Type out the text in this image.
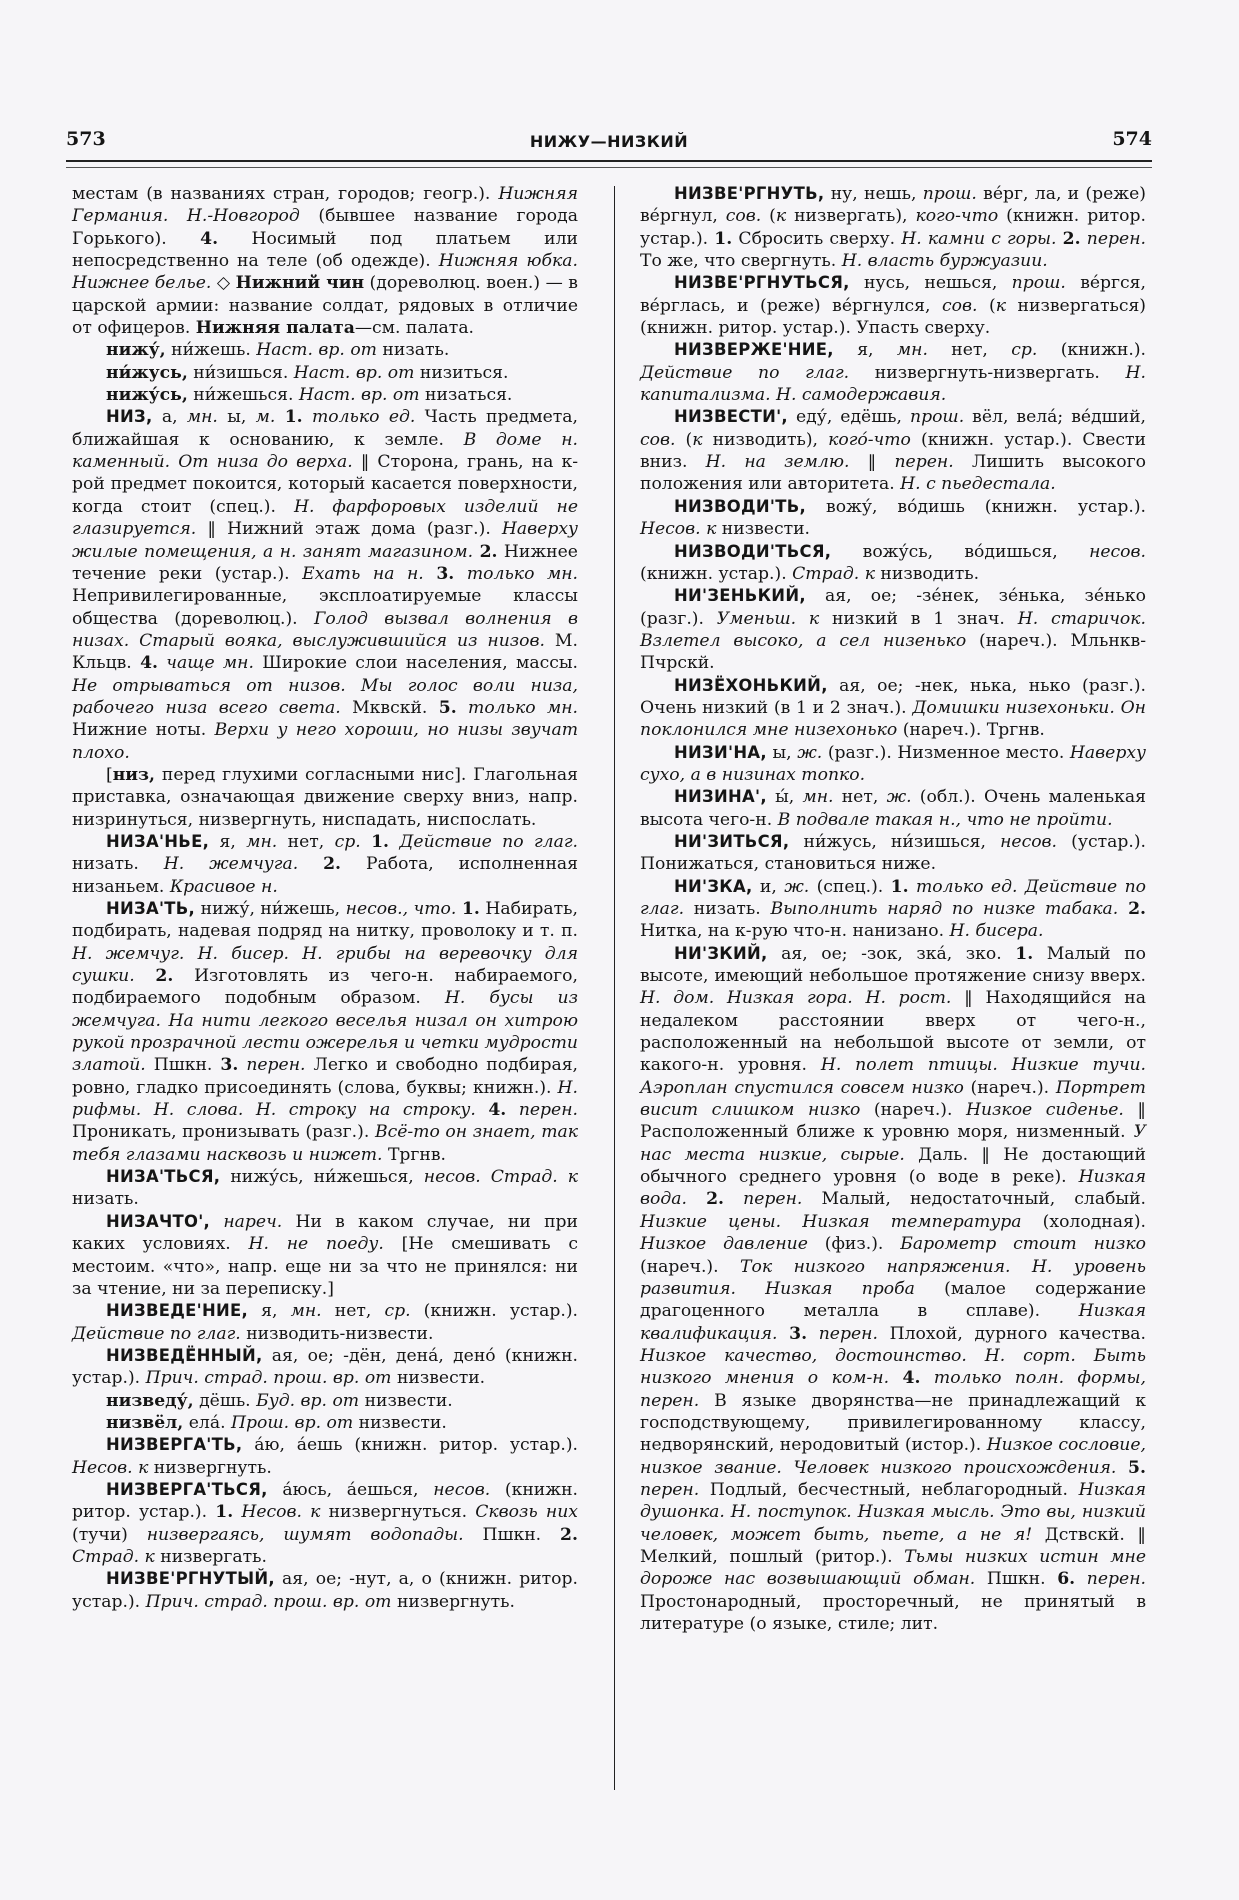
573	НИЖУ—НИЗКИЙ	574

местам (в названиях стран, городов; геогр.). Нижняя Германия. Н.-Новгород (бывшее название города Горького). 4. Носимый под платьем или непосредственно на теле (об одежде). Нижняя юбка. Нижнее белье. ◇ Нижний чин (дореволюц. воен.) — в царской армии: название солдат, рядовых в отличие от офицеров. Нижняя палата—см. палата.

нижу́, ни́жешь. Наст. вр. от низать.

ни́жусь, ни́зишься. Наст. вр. от низиться.

нижу́сь, ни́жешься. Наст. вр. от низаться.

НИЗ, а, мн. ы, м. 1. только ед. Часть предмета, ближайшая к основанию, к земле. В доме н. каменный. От низа до верха. ‖ Сторона, грань, на к-рой предмет покоится, который касается поверхности, когда стоит (спец.). Н. фарфоровых изделий не глазируется. ‖ Нижний этаж дома (разг.). Наверху жилые помещения, а н. занят магазином. 2. Нижнее течение реки (устар.). Ехать на н. 3. только мн. Непривилегированные, эксплоатируемые классы общества (дореволюц.). Голод вызвал волнения в низах. Старый вояка, выслужившийся из низов. М. Кльцв. 4. чаще мн. Широкие слои населения, массы. Не отрываться от низов. Мы голос воли низа, рабочего низа всего света. Мквскй. 5. только мн. Нижние ноты. Верхи у него хороши, но низы звучат плохо.

[низ, перед глухими согласными нис]. Глагольная приставка, означающая движение сверху вниз, напр. низринуться, низвергнуть, ниспадать, ниспослать.

НИЗА'НЬЕ, я, мн. нет, ср. 1. Действие по глаг. низать. Н. жемчуга. 2. Работа, исполненная низаньем. Красивое н.

НИЗА'ТЬ, нижу́, ни́жешь, несов., что. 1. Набирать, подбирать, надевая подряд на нитку, проволоку и т. п. Н. жемчуг. Н. бисер. Н. грибы на веревочку для сушки. 2. Изготовлять из чего-н. набираемого, подбираемого подобным образом. Н. бусы из жемчуга. На нити легкого веселья низал он хитрою рукой прозрачной лести ожерелья и четки мудрости златой. Пшкн. 3. перен. Легко и свободно подбирая, ровно, гладко присоединять (слова, буквы; книжн.). Н. рифмы. Н. слова. Н. строку на строку. 4. перен. Проникать, пронизывать (разг.). Всё-то он знает, так тебя глазами насквозь и нижет. Тргнв.

НИЗА'ТЬСЯ, нижу́сь, ни́жешься, несов. Страд. к низать.

НИЗАЧТО', нареч. Ни в каком случае, ни при каких условиях. Н. не поеду. [Не смешивать с местоим. «что», напр. еще ни за что не принялся: ни за чтение, ни за переписку.]

НИЗВЕДЕ'НИЕ, я, мн. нет, ср. (книжн. устар.). Действие по глаг. низводить-низвести.

НИЗВЕДЁННЫЙ, ая, ое; -дён, дена́, дено́ (книжн. устар.). Прич. страд. прош. вр. от низвести.

низведу́, дёшь. Буд. вр. от низвести.

низвёл, ела́. Прош. вр. от низвести.

НИЗВЕРГА'ТЬ, а́ю, а́ешь (книжн. ритор. устар.). Несов. к низвергнуть.

НИЗВЕРГА'ТЬСЯ, а́юсь, а́ешься, несов. (книжн. ритор. устар.). 1. Несов. к низвергнуться. Сквозь них (тучи) низвергаясь, шумят водопады. Пшкн. 2. Страд. к низвергать.

НИЗВЕ'РГНУТЫЙ, ая, ое; -нут, а, о (книжн. ритор. устар.). Прич. страд. прош. вр. от низвергнуть.

НИЗВЕ'РГНУТЬ, ну, нешь, прош. ве́рг, ла, и (реже) ве́ргнул, сов. (к низвергать), кого-что (книжн. ритор. устар.). 1. Сбросить сверху. Н. камни с горы. 2. перен. То же, что свергнуть. Н. власть буржуазии.

НИЗВЕ'РГНУТЬСЯ, нусь, нешься, прош. ве́ргся, ве́рглась, и (реже) ве́ргнулся, сов. (к низвергаться) (книжн. ритор. устар.). Упасть сверху.

НИЗВЕРЖЕ'НИЕ, я, мн. нет, ср. (книжн.). Действие по глаг. низвергнуть-низвергать. Н. капитализма. Н. самодержавия.

НИЗВЕСТИ', еду́, едёшь, прош. вёл, вела́; ве́дший, сов. (к низводить), кого́-что (книжн. устар.). Свести вниз. Н. на землю. ‖ перен. Лишить высокого положения или авторитета. Н. с пьедестала.

НИЗВОДИ'ТЬ, вожу́, во́дишь (книжн. устар.). Несов. к низвести.

НИЗВОДИ'ТЬСЯ, вожу́сь, во́дишься, несов. (книжн. устар.). Страд. к низводить.

НИ'ЗЕНЬКИЙ, ая, ое; -зе́нек, зе́нька, зе́нько (разг.). Уменьш. к низкий в 1 знач. Н. старичок. Взлетел высоко, а сел низенько (нареч.). Мльнкв-Пчрскй.

НИЗЁХОНЬКИЙ, ая, ое; -нек, нька, нько (разг.). Очень низкий (в 1 и 2 знач.). Домишки низехоньки. Он поклонился мне низехонько (нареч.). Тргнв.

НИЗИ'НА, ы, ж. (разг.). Низменное место. Наверху сухо, а в низинах топко.

НИЗИНА', ы́, мн. нет, ж. (обл.). Очень маленькая высота чего-н. В подвале такая н., что не пройти.

НИ'ЗИТЬСЯ, ни́жусь, ни́зишься, несов. (устар.). Понижаться, становиться ниже.

НИ'ЗКА, и, ж. (спец.). 1. только ед. Действие по глаг. низать. Выполнить наряд по низке табака. 2. Нитка, на к-рую что-н. нанизано. Н. бисера.

НИ'ЗКИЙ, ая, ое; -зок, зка́, зко. 1. Малый по высоте, имеющий небольшое протяжение снизу вверх. Н. дом. Низкая гора. Н. рост. ‖ Находящийся на недалеком расстоянии вверх от чего-н., расположенный на небольшой высоте от земли, от какого-н. уровня. Н. полет птицы. Низкие тучи. Аэроплан спустился совсем низко (нареч.). Портрет висит слишком низко (нареч.). Низкое сиденье. ‖ Расположенный ближе к уровню моря, низменный. У нас места низкие, сырые. Даль. ‖ Не достающий обычного среднего уровня (о воде в реке). Низкая вода. 2. перен. Малый, недостаточный, слабый. Низкие цены. Низкая температура (холодная). Низкое давление (физ.). Барометр стоит низко (нареч.). Ток низкого напряжения. Н. уровень развития. Низкая проба (малое содержание драгоценного металла в сплаве). Низкая квалификация. 3. перен. Плохой, дурного качества. Низкое качество, достоинство. Н. сорт. Быть низкого мнения о ком-н. 4. только полн. формы, перен. В языке дворянства—не принадлежащий к господствующему, привилегированному классу, недворянский, неродовитый (истор.). Низкое сословие, низкое звание. Человек низкого происхождения. 5. перен. Подлый, бесчестный, неблагородный. Низкая душонка. Н. поступок. Низкая мысль. Это вы, низкий человек, может быть, пьете, а не я! Дствскй. ‖ Мелкий, пошлый (ритор.). Тьмы низких истин мне дороже нас возвышающий обман. Пшкн. 6. перен. Простонародный, просторечный, не принятый в литературе (о языке, стиле; лит.
